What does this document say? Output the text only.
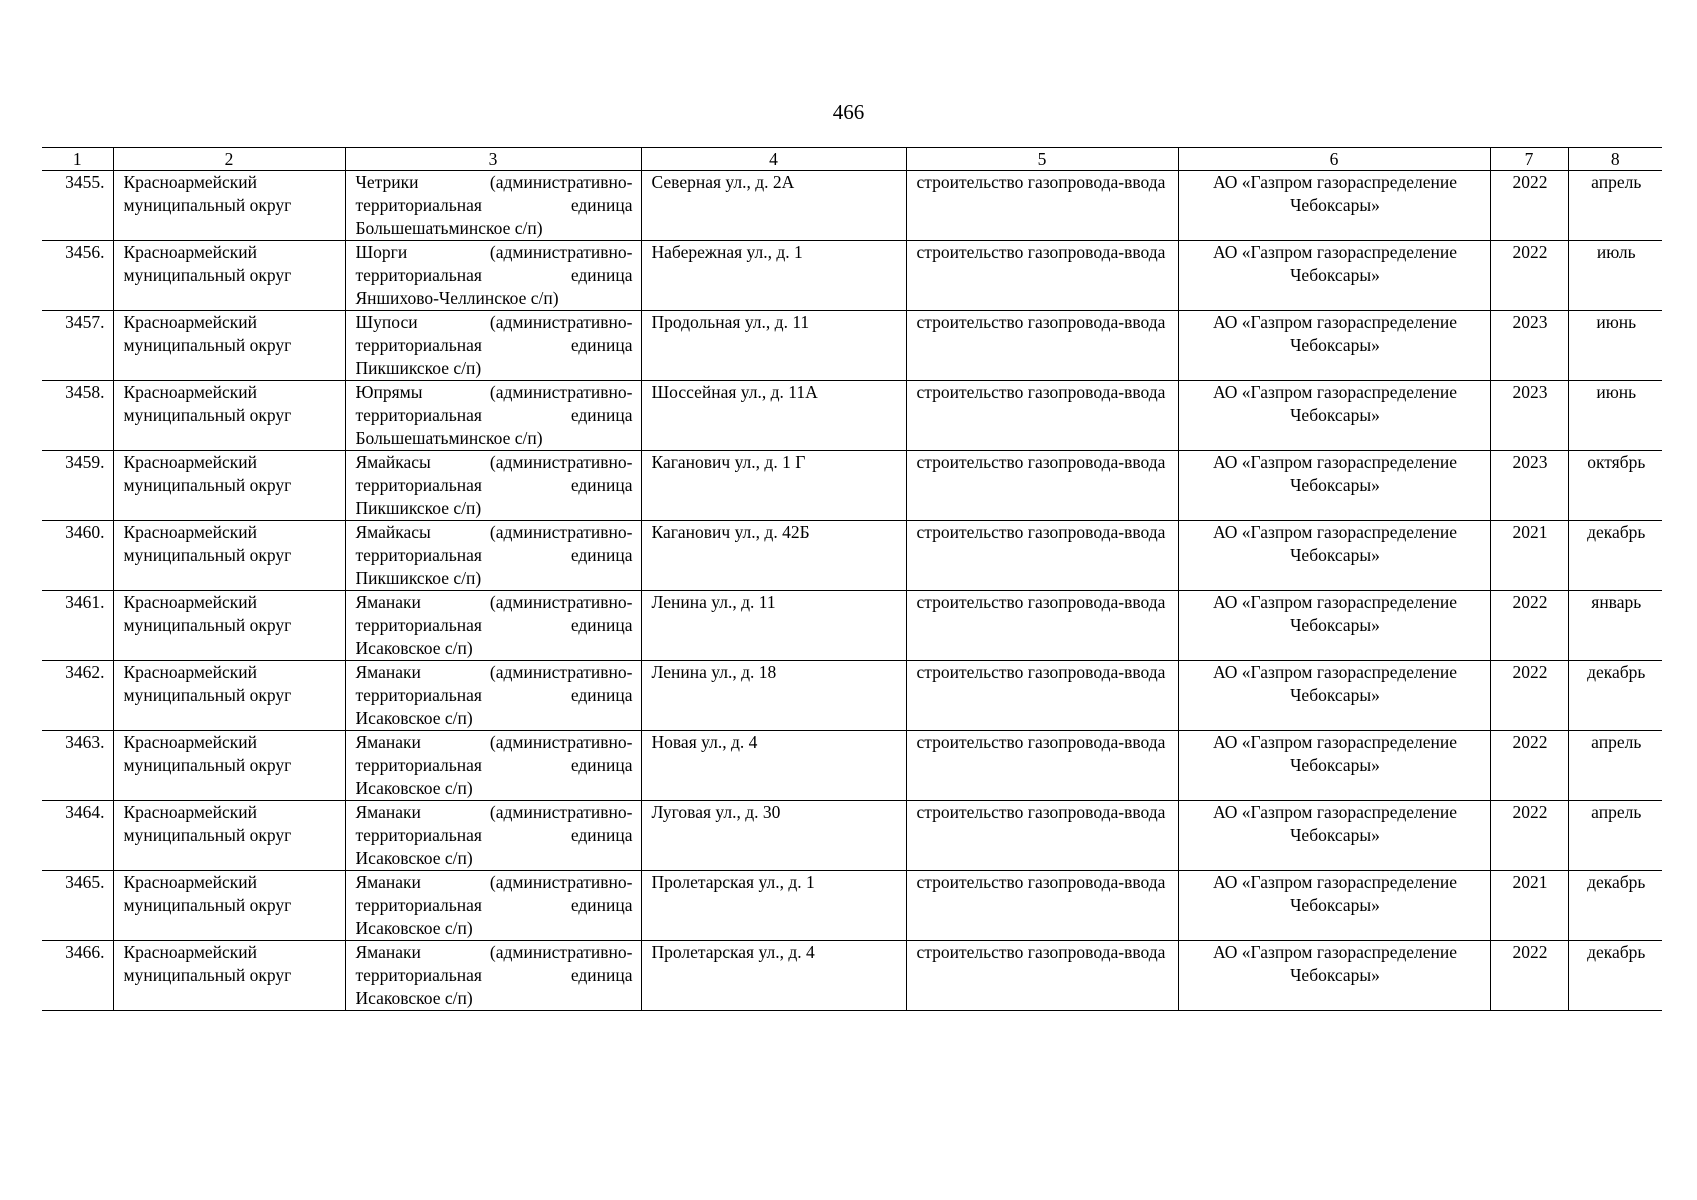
466
1	2	3	4	5	6	7	8
3455.	Красноармейский муниципальный округ	Четрики (административно-территориальная единица Большешатьминское с/п)	Северная ул., д. 2А	строительство газопровода-ввода	АО «Газпром газораспределение Чебоксары»	2022	апрель
3456.	Красноармейский муниципальный округ	Шорги (административно-территориальная единица Яншихово-Челлинское с/п)	Набережная ул., д. 1	строительство газопровода-ввода	АО «Газпром газораспределение Чебоксары»	2022	июль
3457.	Красноармейский муниципальный округ	Шупоси (административно-территориальная единица Пикшикское с/п)	Продольная ул., д. 11	строительство газопровода-ввода	АО «Газпром газораспределение Чебоксары»	2023	июнь
3458.	Красноармейский муниципальный округ	Юпрямы (административно-территориальная единица Большешатьминское с/п)	Шоссейная ул., д. 11А	строительство газопровода-ввода	АО «Газпром газораспределение Чебоксары»	2023	июнь
3459.	Красноармейский муниципальный округ	Ямайкасы (административно-территориальная единица Пикшикское с/п)	Каганович ул., д. 1 Г	строительство газопровода-ввода	АО «Газпром газораспределение Чебоксары»	2023	октябрь
3460.	Красноармейский муниципальный округ	Ямайкасы (административно-территориальная единица Пикшикское с/п)	Каганович ул., д. 42Б	строительство газопровода-ввода	АО «Газпром газораспределение Чебоксары»	2021	декабрь
3461.	Красноармейский муниципальный округ	Яманаки (административно-территориальная единица Исаковское с/п)	Ленина ул., д. 11	строительство газопровода-ввода	АО «Газпром газораспределение Чебоксары»	2022	январь
3462.	Красноармейский муниципальный округ	Яманаки (административно-территориальная единица Исаковское с/п)	Ленина ул., д. 18	строительство газопровода-ввода	АО «Газпром газораспределение Чебоксары»	2022	декабрь
3463.	Красноармейский муниципальный округ	Яманаки (административно-территориальная единица Исаковское с/п)	Новая ул., д. 4	строительство газопровода-ввода	АО «Газпром газораспределение Чебоксары»	2022	апрель
3464.	Красноармейский муниципальный округ	Яманаки (административно-территориальная единица Исаковское с/п)	Луговая ул., д. 30	строительство газопровода-ввода	АО «Газпром газораспределение Чебоксары»	2022	апрель
3465.	Красноармейский муниципальный округ	Яманаки (административно-территориальная единица Исаковское с/п)	Пролетарская ул., д. 1	строительство газопровода-ввода	АО «Газпром газораспределение Чебоксары»	2021	декабрь
3466.	Красноармейский муниципальный округ	Яманаки (административно-территориальная единица Исаковское с/п)	Пролетарская ул., д. 4	строительство газопровода-ввода	АО «Газпром газораспределение Чебоксары»	2022	декабрь
